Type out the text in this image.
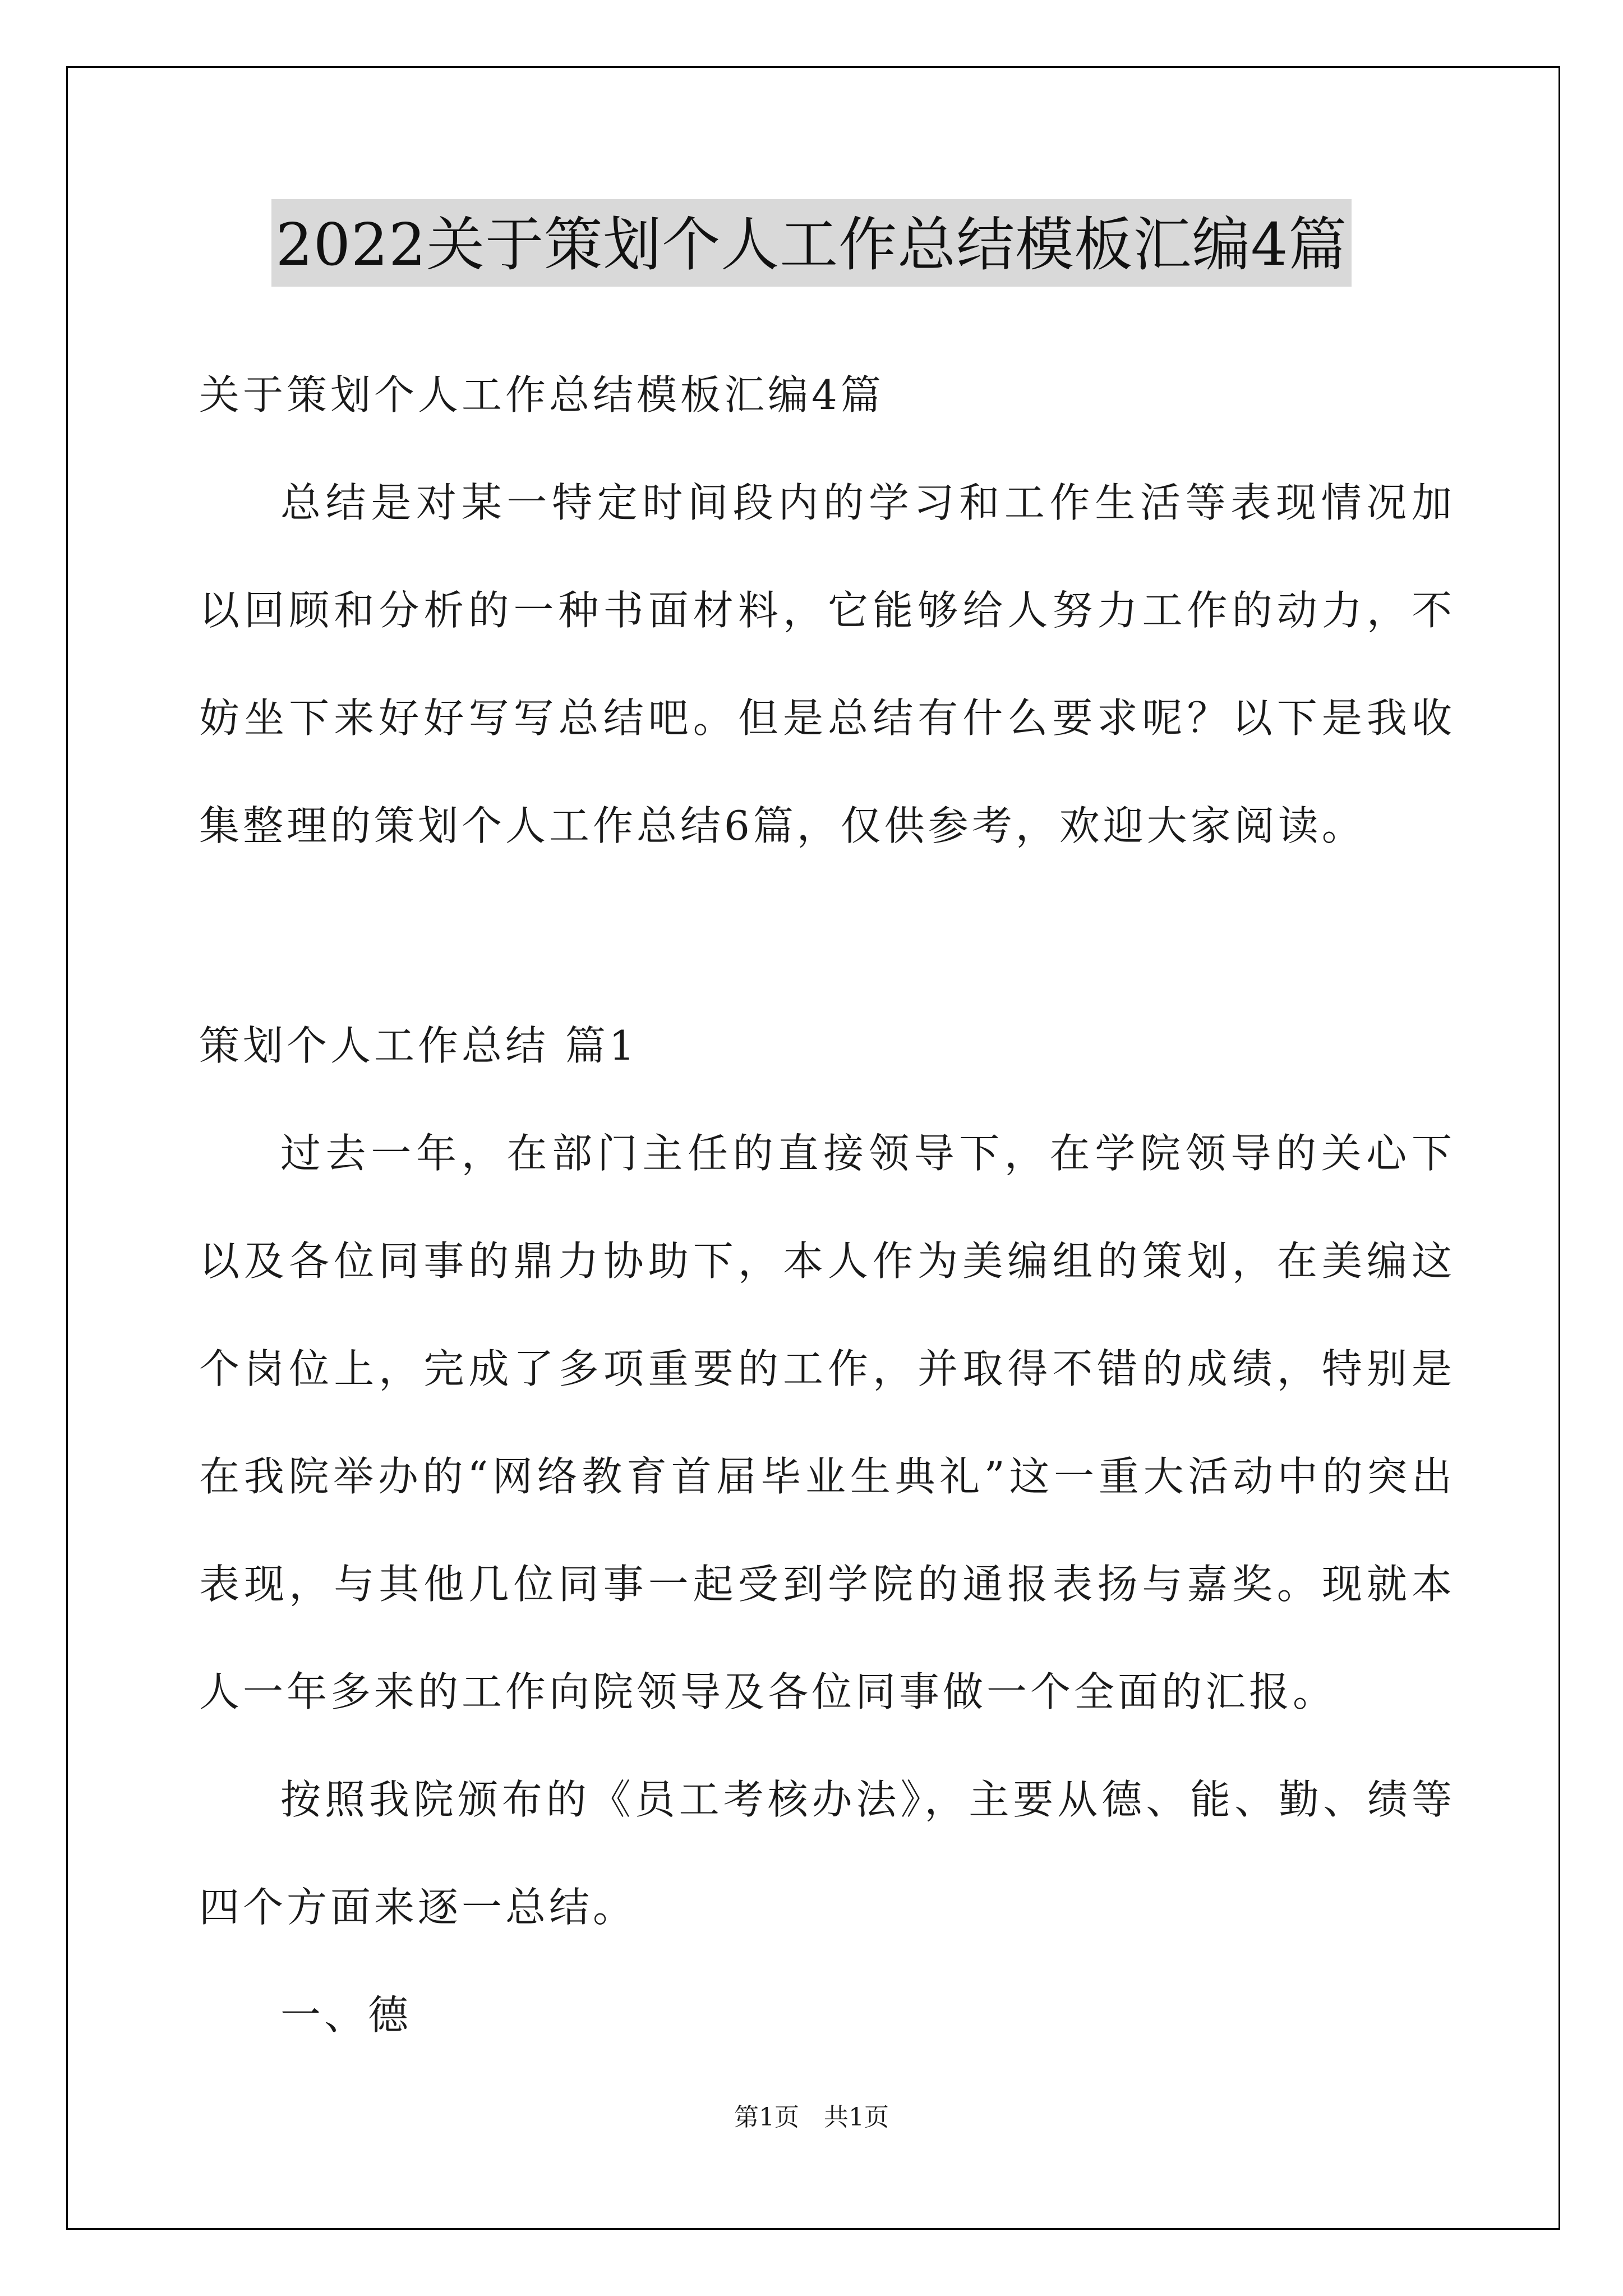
2022关于策划个人工作总结模板汇编4篇

关于策划个人工作总结模板汇编4篇

总结是对某一特定时间段内的学习和工作生活等表现情况加以回顾和分析的一种书面材料，它能够给人努力工作的动力，不妨坐下来好好写写总结吧。但是总结有什么要求呢？以下是我收集整理的策划个人工作总结6篇，仅供参考，欢迎大家阅读。

策划个人工作总结 篇1

过去一年，在部门主任的直接领导下，在学院领导的关心下以及各位同事的鼎力协助下，本人作为美编组的策划，在美编这个岗位上，完成了多项重要的工作，并取得不错的成绩，特别是在我院举办的“网络教育首届毕业生典礼”这一重大活动中的突出表现，与其他几位同事一起受到学院的通报表扬与嘉奖。现就本人一年多来的工作向院领导及各位同事做一个全面的汇报。

按照我院颁布的《员工考核办法》，主要从德、能、勤、绩等四个方面来逐一总结。

一、德

第1页 共1页
